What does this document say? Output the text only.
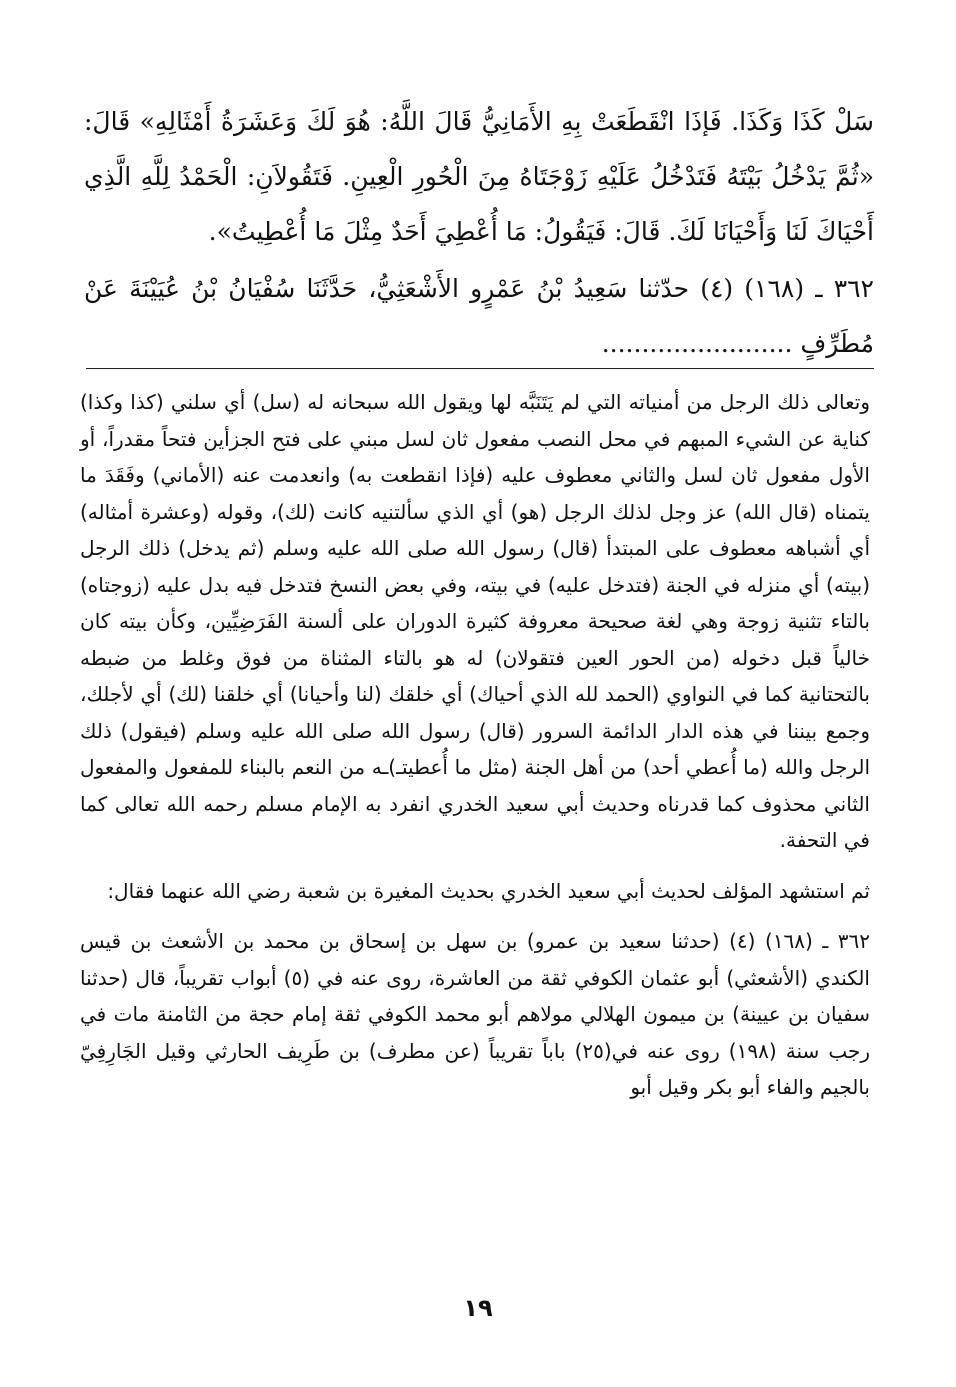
سَلْ كَذَا وَكَذَا. فَإذَا انْقَطَعَتْ بِهِ الأَمَانِيُّ قَالَ اللَّهُ: هُوَ لَكَ وَعَشَرَةُ أَمْثَالِهِ» قَالَ: «ثُمَّ يَدْخُلُ بَيْتَهُ فَتَدْخُلُ عَلَيْهِ زَوْجَتَاهُ مِنَ الْحُورِ الْعِينِ. فَتَقُولاَنِ: الْحَمْدُ لِلَّهِ الَّذِي أَحْيَاكَ لَنَا وَأَحْيَانَا لَكَ. قَالَ: فَيَقُولُ: مَا أُعْطِيَ أَحَدٌ مِثْلَ مَا أُعْطِيتُ».

٣٦٢ ـ (١٦٨) (٤) حدّثنا سَعِيدُ بْنُ عَمْرٍو الأَشْعَثِيُّ، حَدَّثَنَا سُفْيَانُ بْنُ عُيَيْنَةَ عَنْ مُطَرِّفٍ ........................

وتعالى ذلك الرجل من أمنياته التي لم يَتَنَبَّه لها ويقول الله سبحانه له (سل) أي سلني (كذا وكذا) كناية عن الشيء المبهم في محل النصب مفعول ثان لسل مبني على فتح الجزأين فتحاً مقدراً، أو الأول مفعول ثان لسل والثاني معطوف عليه (فإذا انقطعت به) وانعدمت عنه (الأماني) وفَقَدَ ما يتمناه (قال الله) عز وجل لذلك الرجل (هو) أي الذي سألتنيه كانت (لك)، وقوله (وعشرة أمثاله) أي أشباهه معطوف على المبتدأ (قال) رسول الله صلى الله عليه وسلم (ثم يدخل) ذلك الرجل (بيته) أي منزله في الجنة (فتدخل عليه) في بيته، وفي بعض النسخ فتدخل فيه بدل عليه (زوجتاه) بالتاء تثنية زوجة وهي لغة صحيحة معروفة كثيرة الدوران على ألسنة الفَرَضِيِّين، وكأن بيته كان خالياً قبل دخوله (من الحور العين فتقولان) له هو بالتاء المثناة من فوق وغلط من ضبطه بالتحتانية كما في النواوي (الحمد لله الذي أحياك) أي خلقك (لنا وأحيانا) أي خلقنا (لك) أي لأجلك، وجمع بيننا في هذه الدار الدائمة السرور (قال) رسول الله صلى الله عليه وسلم (فيقول) ذلك الرجل والله (ما أُعطي أحد) من أهل الجنة (مثل ما أُعطيتـ)ـه من النعم بالبناء للمفعول والمفعول الثاني محذوف كما قدرناه وحديث أبي سعيد الخدري انفرد به الإمام مسلم رحمه الله تعالى كما في التحفة.

ثم استشهد المؤلف لحديث أبي سعيد الخدري بحديث المغيرة بن شعبة رضي الله عنهما فقال:

٣٦٢ ـ (١٦٨) (٤) (حدثنا سعيد بن عمرو) بن سهل بن إسحاق بن محمد بن الأشعث بن قيس الكندي (الأشعثي) أبو عثمان الكوفي ثقة من العاشرة، روى عنه في (٥) أبواب تقريباً، قال (حدثنا سفيان بن عيينة) بن ميمون الهلالي مولاهم أبو محمد الكوفي ثقة إمام حجة من الثامنة مات في رجب سنة (١٩٨) روى عنه في(٢٥) باباً تقريباً (عن مطرف) بن طَرِيف الحارثي وقيل الجَارِفِيّ بالجيم والفاء أبو بكر وقيل أبو

١٩
